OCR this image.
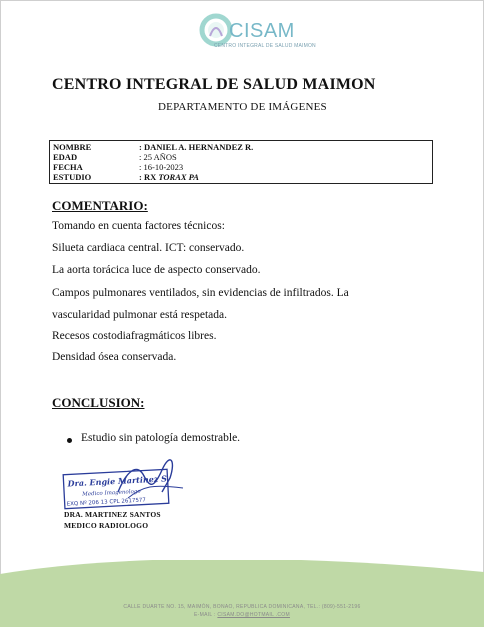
CISAM
CENTRO INTEGRAL DE SALUD MAIMON
CENTRO INTEGRAL DE SALUD MAIMON
DEPARTAMENTO DE IMÁGENES
NOMBRE	: DANIEL A. HERNANDEZ R.
EDAD	: 25 AÑOS
FECHA	: 16-10-2023
ESTUDIO	: RX TORAX PA
COMENTARIO:
Tomando en cuenta factores técnicos:
Silueta cardiaca central. ICT: conservado.
La aorta torácica luce de aspecto conservado.
Campos pulmonares ventilados, sin evidencias de infiltrados. La
vascularidad pulmonar está respetada.
Recesos costodiafragmáticos libres.
Densidad ósea conservada.
CONCLUSION:
Estudio sin patología demostrable.
Dra. Engie Martinez S
Medico Imagenologo
EXQ Nº 206 13 CPL 2617577
DRA. MARTINEZ SANTOS
MEDICO RADIOLOGO
CALLE DUARTE NO. 15, MAIMÓN, BONAO, REPUBLICA DOMINICANA, TEL.: (809)-551-2196
E-MAIL : CISAM.DO@HOTMAIL .COM
